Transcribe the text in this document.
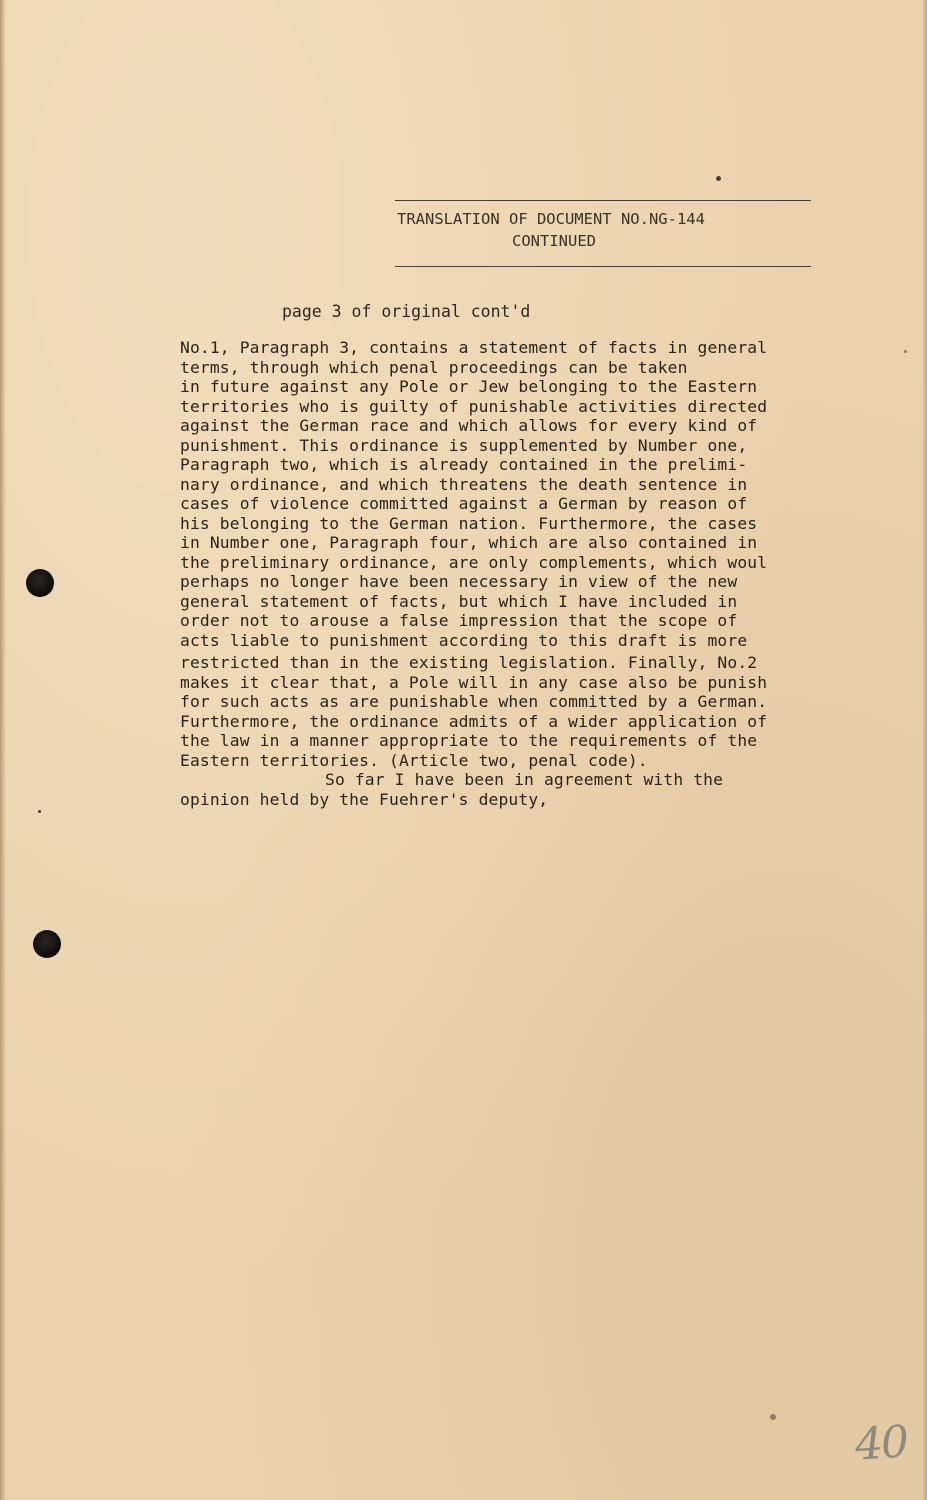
TRANSLATION OF DOCUMENT NO.NG-144
CONTINUED
page 3 of original cont'd
No.1, Paragraph 3, contains a statement of facts in general
terms, through which penal proceedings can be taken
in future against any Pole or Jew belonging to the Eastern
territories who is guilty of punishable activities directed
against the German race and which allows for every kind of
punishment. This ordinance is supplemented by Number one,
Paragraph two, which is already contained in the prelimi-
nary ordinance, and which threatens the death sentence in
cases of violence committed against a German by reason of
his belonging to the German nation. Furthermore, the cases
in Number one, Paragraph four, which are also contained in
the preliminary ordinance, are only complements, which woul
perhaps no longer have been necessary in view of the new
general statement of facts, but which I have included in
order not to arouse a false impression that the scope of
acts liable to punishment according to this draft is more
restricted than in the existing legislation. Finally, No.2
makes it clear that, a Pole will in any case also be punish
for such acts as are punishable when committed by a German.
Furthermore, the ordinance admits of a wider application of
the law in a manner appropriate to the requirements of the
Eastern territories. (Article two, penal code).
So far I have been in agreement with the
opinion held by the Fuehrer's deputy,
40
